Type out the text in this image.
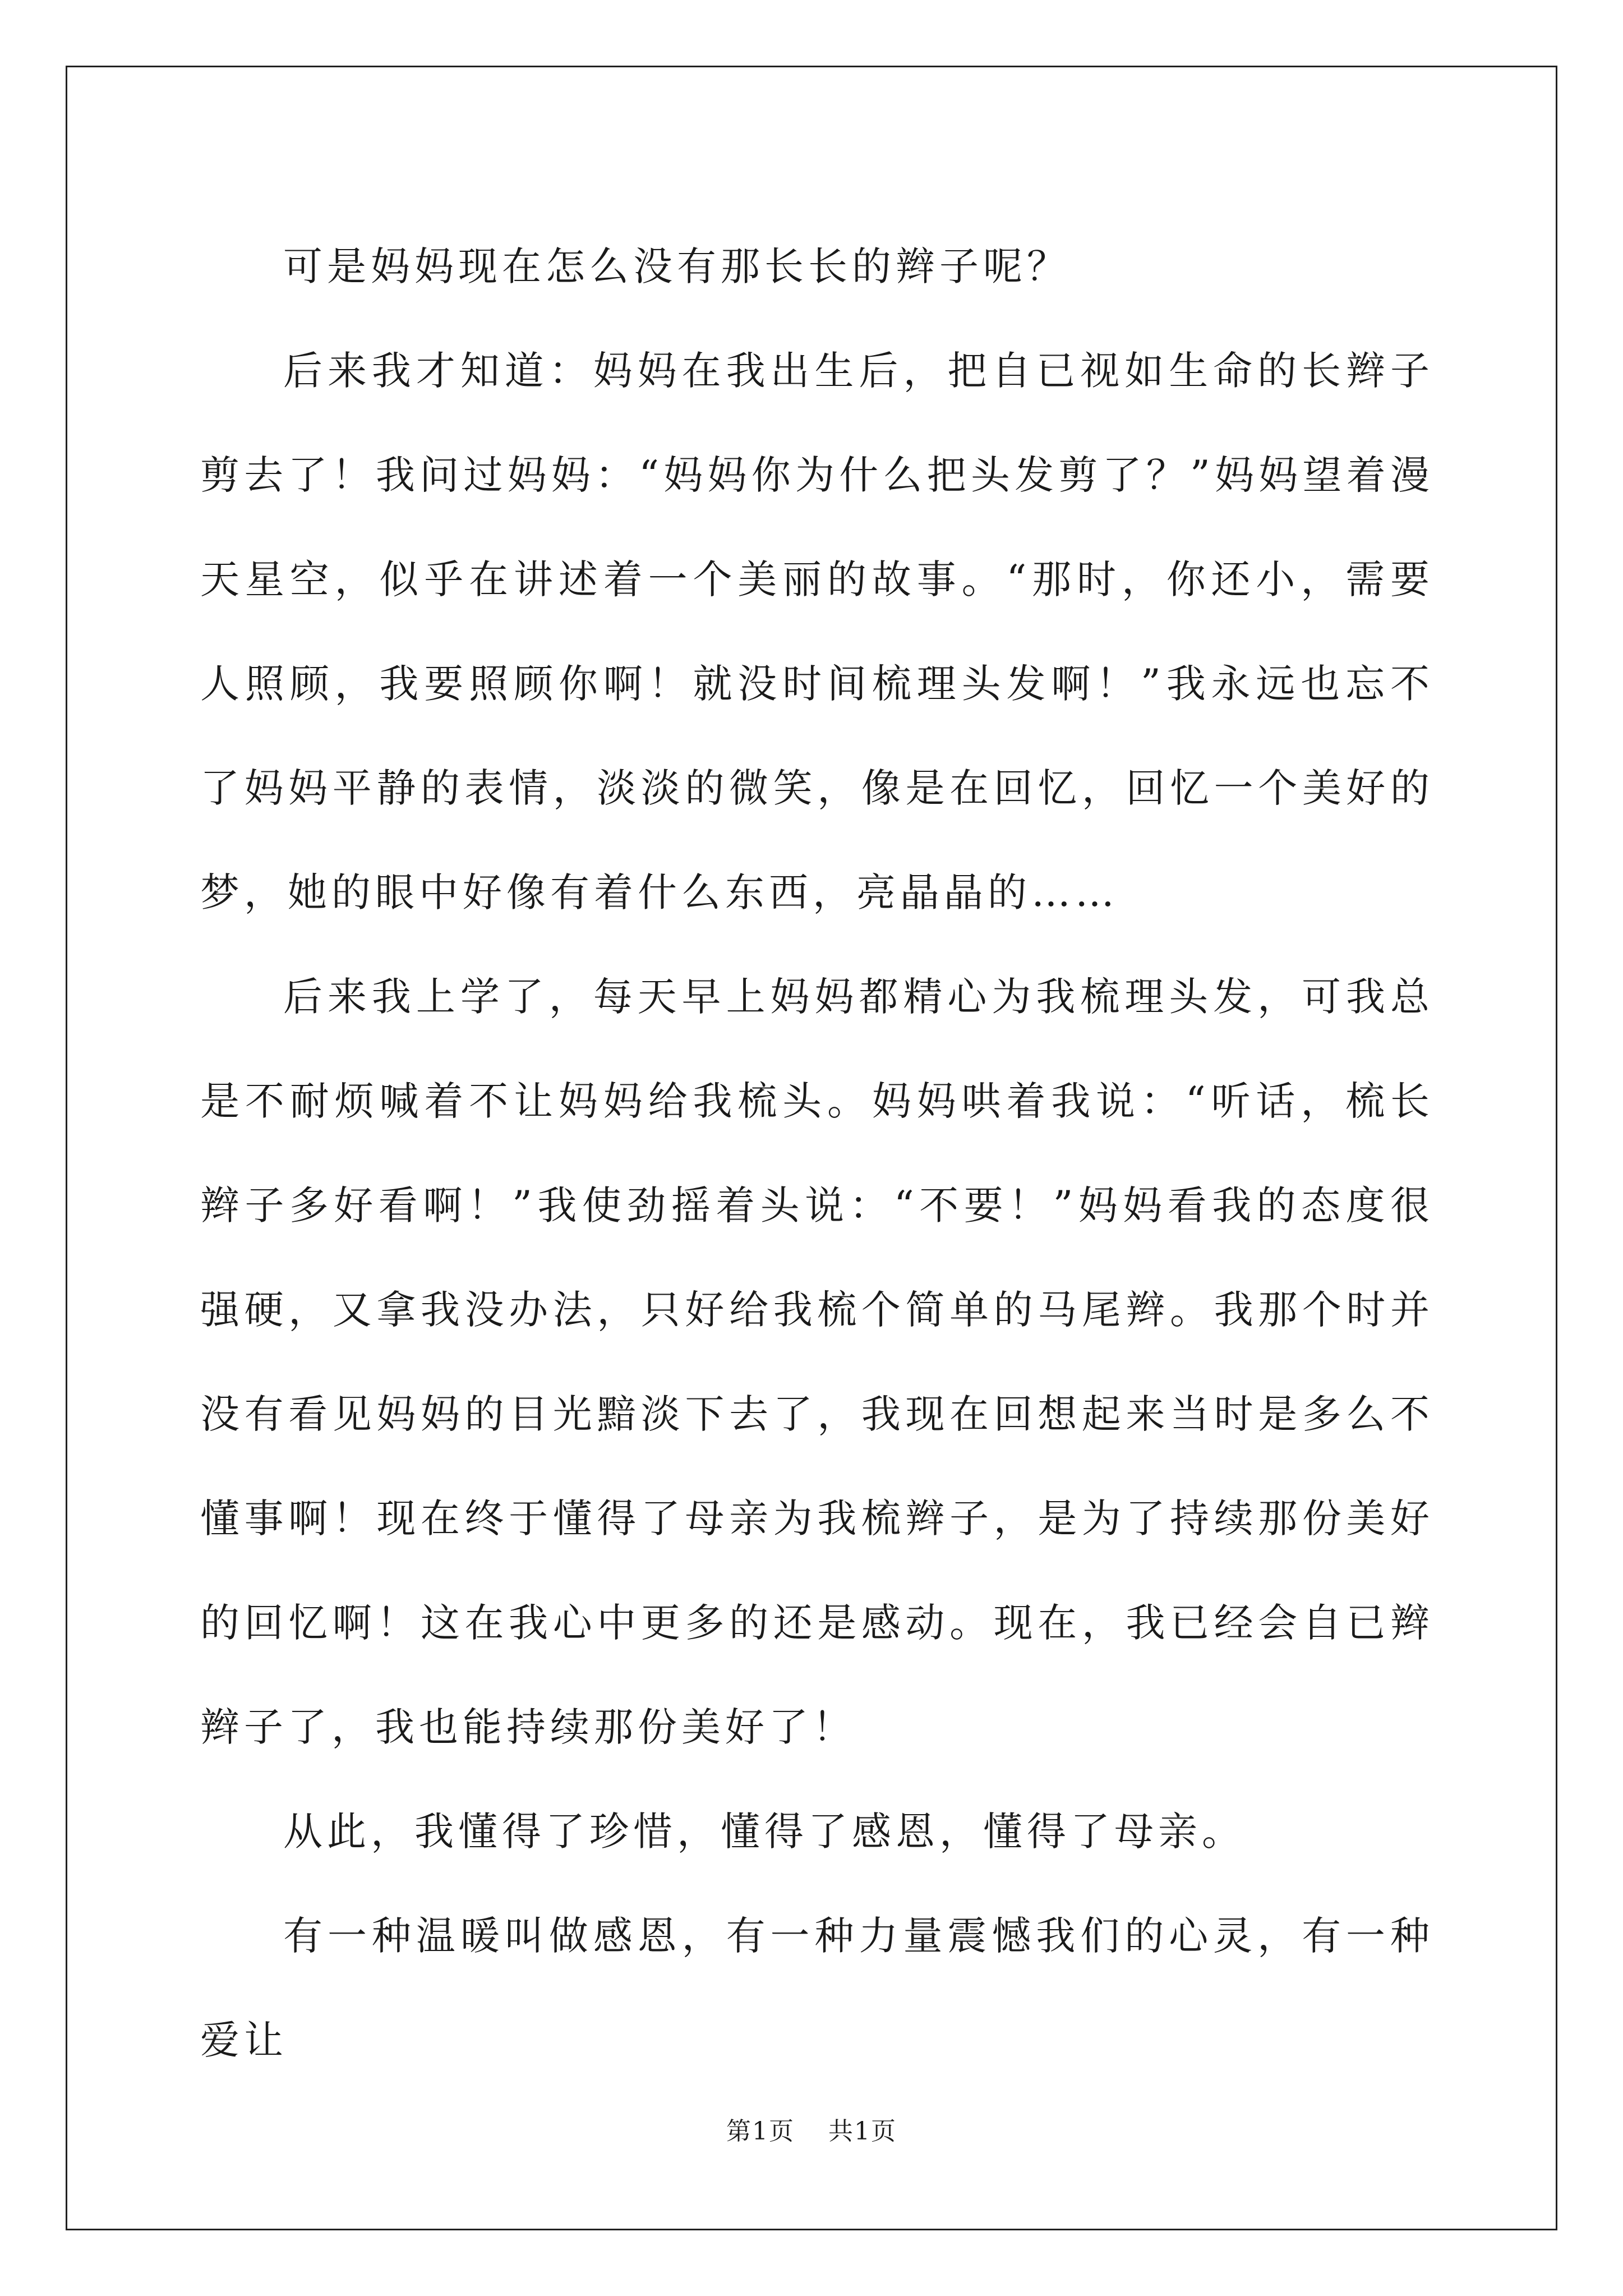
可是妈妈现在怎么没有那长长的辫子呢？

后来我才知道：妈妈在我出生后，把自已视如生命的长辫子剪去了！我问过妈妈：“妈妈你为什么把头发剪了？”妈妈望着漫天星空，似乎在讲述着一个美丽的故事。“那时，你还小，需要人照顾，我要照顾你啊！就没时间梳理头发啊！”我永远也忘不了妈妈平静的表情，淡淡的微笑，像是在回忆，回忆一个美好的梦，她的眼中好像有着什么东西，亮晶晶的……

后来我上学了，每天早上妈妈都精心为我梳理头发，可我总是不耐烦喊着不让妈妈给我梳头。妈妈哄着我说：“听话，梳长辫子多好看啊！”我使劲摇着头说：“不要！”妈妈看我的态度很强硬，又拿我没办法，只好给我梳个简单的马尾辫。我那个时并没有看见妈妈的目光黯淡下去了，我现在回想起来当时是多么不懂事啊！现在终于懂得了母亲为我梳辫子，是为了持续那份美好的回忆啊！这在我心中更多的还是感动。现在，我已经会自已辫辫子了，我也能持续那份美好了！

从此，我懂得了珍惜，懂得了感恩，懂得了母亲。

有一种温暖叫做感恩，有一种力量震憾我们的心灵，有一种爱让

第1页 共1页
